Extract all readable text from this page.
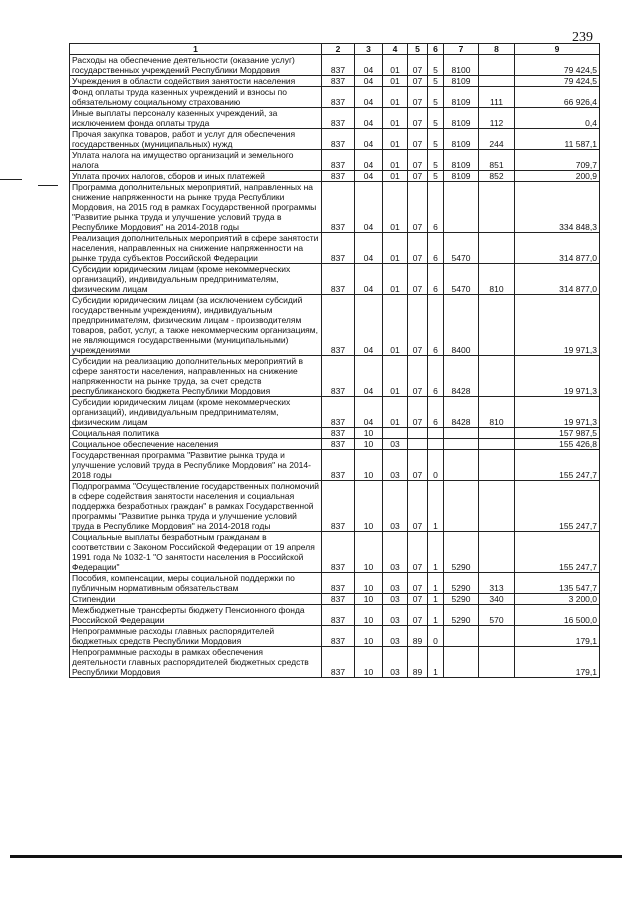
239
1	2	3	4	5	6	7	8	9
Расходы на обеспечение деятельности (оказание услуг) государственных учреждений Республики Мордовия	837	04	01	07	5	8100		79 424,5
Учреждения в области содействия занятости населения	837	04	01	07	5	8109		79 424,5
Фонд оплаты труда казенных учреждений и взносы по обязательному социальному страхованию	837	04	01	07	5	8109	111	66 926,4
Иные выплаты персоналу казенных учреждений, за исключением фонда оплаты труда	837	04	01	07	5	8109	112	0,4
Прочая закупка товаров, работ и услуг для обеспечения государственных (муниципальных) нужд	837	04	01	07	5	8109	244	11 587,1
Уплата налога на имущество организаций и земельного налога	837	04	01	07	5	8109	851	709,7
Уплата прочих налогов, сборов и иных платежей	837	04	01	07	5	8109	852	200,9
Программа дополнительных мероприятий, направленных на снижение напряженности на рынке труда Республики Мордовия, на 2015 год в рамках Государственной программы "Развитие рынка труда и улучшение условий труда в Республике Мордовия" на 2014-2018 годы	837	04	01	07	6			334 848,3
Реализация дополнительных мероприятий в сфере занятости населения, направленных на снижение напряженности на рынке труда субъектов Российской Федерации	837	04	01	07	6	5470		314 877,0
Субсидии юридическим лицам (кроме некоммерческих организаций), индивидуальным предпринимателям, физическим лицам	837	04	01	07	6	5470	810	314 877,0
Субсидии юридическим лицам (за исключением субсидий государственным учреждениям), индивидуальным предпринимателям, физическим лицам - производителям товаров, работ, услуг, а также некоммерческим организациям, не являющимся государственными (муниципальными) учреждениями	837	04	01	07	6	8400		19 971,3
Субсидии на реализацию дополнительных мероприятий в сфере занятости населения, направленных на снижение напряженности на рынке труда, за счет средств республиканского бюджета Республики Мордовия	837	04	01	07	6	8428		19 971,3
Субсидии юридическим лицам (кроме некоммерческих организаций), индивидуальным предпринимателям, физическим лицам	837	04	01	07	6	8428	810	19 971,3
Социальная политика	837	10						157 987,5
Социальное обеспечение населения	837	10	03					155 426,8
Государственная программа "Развитие рынка труда и улучшение условий труда в Республике Мордовия" на 2014-2018 годы	837	10	03	07	0			155 247,7
Подпрограмма "Осуществление государственных полномочий в сфере содействия занятости населения и социальная поддержка безработных граждан" в рамках Государственной программы "Развитие рынка труда и улучшение условий труда в Республике Мордовия" на 2014-2018 годы	837	10	03	07	1			155 247,7
Социальные выплаты безработным гражданам в соответствии с Законом Российской Федерации от 19 апреля 1991 года № 1032-1 "О занятости населения в Российской Федерации"	837	10	03	07	1	5290		155 247,7
Пособия, компенсации, меры социальной поддержки по публичным нормативным обязательствам	837	10	03	07	1	5290	313	135 547,7
Стипендии	837	10	03	07	1	5290	340	3 200,0
Межбюджетные трансферты бюджету Пенсионного фонда Российской Федерации	837	10	03	07	1	5290	570	16 500,0
Непрограммные расходы главных распорядителей бюджетных средств Республики Мордовия	837	10	03	89	0			179,1
Непрограммные расходы в рамках обеспечения деятельности главных распорядителей бюджетных средств Республики Мордовия	837	10	03	89	1			179,1
